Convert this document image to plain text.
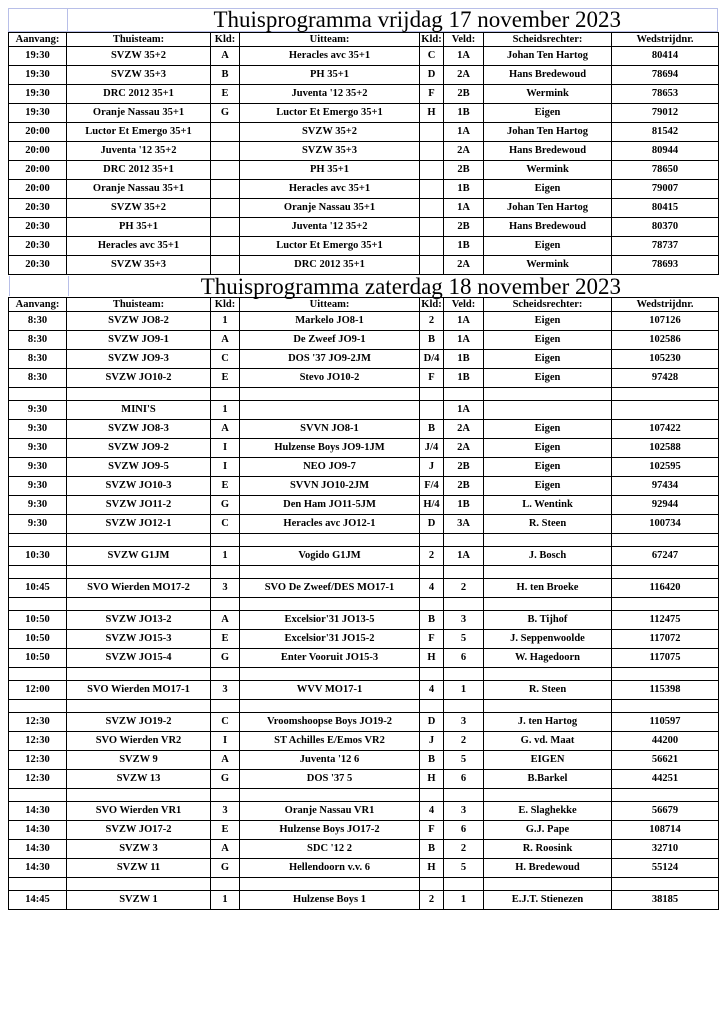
Thuisprogramma vrijdag 17 november 2023
Aanvang:	Thuisteam:	Kld:	Uitteam:	Kld:	Veld:	Scheidsrechter:	Wedstrijdnr.
19:30	SVZW 35+2	A	Heracles avc 35+1	C	1A	Johan Ten Hartog	80414
19:30	SVZW 35+3	B	PH 35+1	D	2A	Hans Bredewoud	78694
19:30	DRC 2012 35+1	E	Juventa '12 35+2	F	2B	Wermink	78653
19:30	Oranje Nassau 35+1	G	Luctor Et Emergo 35+1	H	1B	Eigen	79012
20:00	Luctor Et Emergo 35+1		SVZW 35+2		1A	Johan Ten Hartog	81542
20:00	Juventa '12 35+2		SVZW 35+3		2A	Hans Bredewoud	80944
20:00	DRC 2012 35+1		PH 35+1		2B	Wermink	78650
20:00	Oranje Nassau 35+1		Heracles avc 35+1		1B	Eigen	79007
20:30	SVZW 35+2		Oranje Nassau 35+1		1A	Johan Ten Hartog	80415
20:30	PH 35+1		Juventa '12 35+2		2B	Hans Bredewoud	80370
20:30	Heracles avc 35+1		Luctor Et Emergo 35+1		1B	Eigen	78737
20:30	SVZW 35+3		DRC 2012 35+1		2A	Wermink	78693
Thuisprogramma zaterdag 18 november 2023
Aanvang:	Thuisteam:	Kld:	Uitteam:	Kld:	Veld:	Scheidsrechter:	Wedstrijdnr.
8:30	SVZW JO8-2	1	Markelo JO8-1	2	1A	Eigen	107126
8:30	SVZW JO9-1	A	De Zweef JO9-1	B	1A	Eigen	102586
8:30	SVZW JO9-3	C	DOS '37 JO9-2JM	D/4	1B	Eigen	105230
8:30	SVZW JO10-2	E	Stevo JO10-2	F	1B	Eigen	97428

9:30	MINI'S	1			1A		
9:30	SVZW JO8-3	A	SVVN JO8-1	B	2A	Eigen	107422
9:30	SVZW JO9-2	I	Hulzense Boys JO9-1JM	J/4	2A	Eigen	102588
9:30	SVZW JO9-5	I	NEO JO9-7	J	2B	Eigen	102595
9:30	SVZW JO10-3	E	SVVN JO10-2JM	F/4	2B	Eigen	97434
9:30	SVZW JO11-2	G	Den Ham JO11-5JM	H/4	1B	L. Wentink	92944
9:30	SVZW JO12-1	C	Heracles avc JO12-1	D	3A	R. Steen	100734

10:30	SVZW G1JM	1	Vogido G1JM	2	1A	J. Bosch	67247

10:45	SVO Wierden MO17-2	3	SVO De Zweef/DES MO17-1	4	2	H. ten Broeke	116420

10:50	SVZW JO13-2	A	Excelsior'31 JO13-5	B	3	B. Tijhof	112475
10:50	SVZW JO15-3	E	Excelsior'31 JO15-2	F	5	J. Seppenwoolde	117072
10:50	SVZW JO15-4	G	Enter Vooruit JO15-3	H	6	W. Hagedoorn	117075

12:00	SVO Wierden MO17-1	3	WVV MO17-1	4	1	R. Steen	115398

12:30	SVZW JO19-2	C	Vroomshoopse Boys JO19-2	D	3	J. ten Hartog	110597
12:30	SVO Wierden VR2	I	ST Achilles E/Emos VR2	J	2	G. vd. Maat	44200
12:30	SVZW 9	A	Juventa '12 6	B	5	EIGEN	56621
12:30	SVZW 13	G	DOS '37 5	H	6	B.Barkel	44251

14:30	SVO Wierden VR1	3	Oranje Nassau VR1	4	3	E. Slaghekke	56679
14:30	SVZW JO17-2	E	Hulzense Boys JO17-2	F	6	G.J. Pape	108714
14:30	SVZW 3	A	SDC '12 2	B	2	R. Roosink	32710
14:30	SVZW 11	G	Hellendoorn v.v. 6	H	5	H. Bredewoud	55124

14:45	SVZW 1	1	Hulzense Boys 1	2	1	E.J.T. Stienezen	38185
